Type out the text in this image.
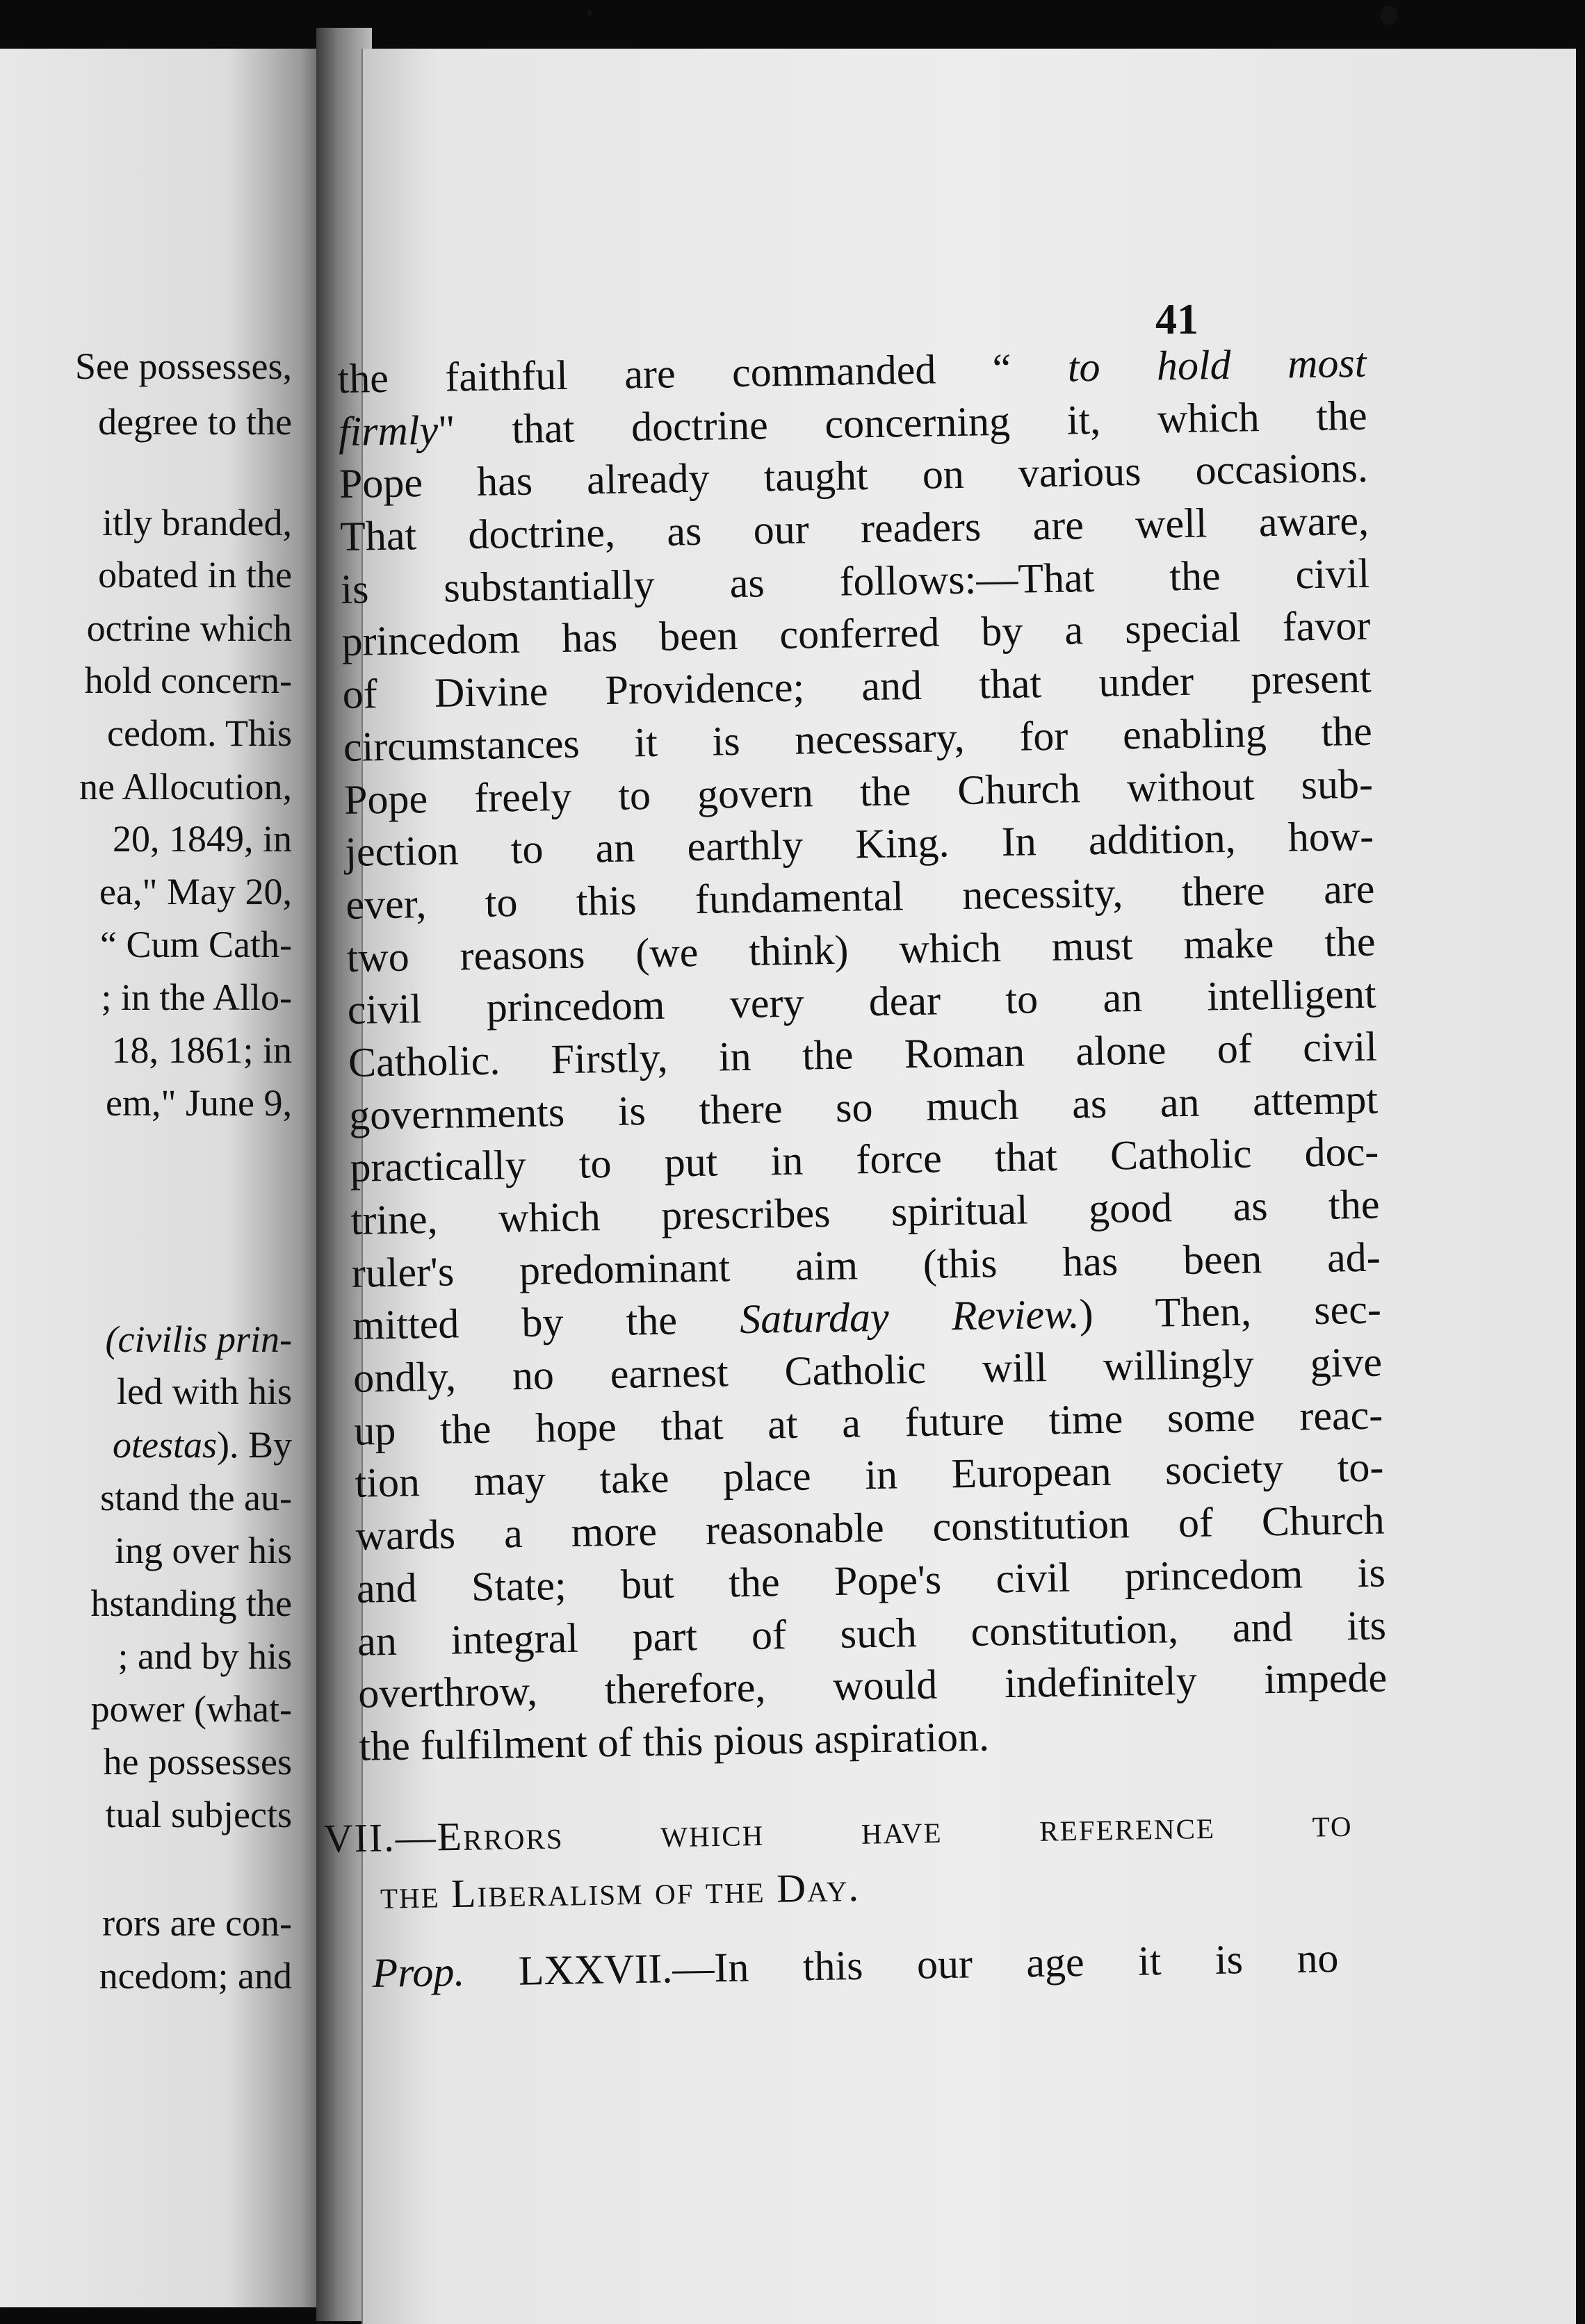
See possesses,
degree to the
itly branded,
obated in the
octrine which
hold concern-
cedom. This
ne Allocution,
20, 1849, in
ea," May 20,
“ Cum Cath-
; in the Allo-
18, 1861; in
em," June 9,
(civilis prin-
led with his
otestas). By
stand the au-
ing over his
hstanding the
; and by his
power (what-
he possesses
tual subjects
rors are con-
ncedom; and
41
the faithful are commanded “ to hold most
firmly" that doctrine concerning it, which the
Pope has already taught on various occasions.
That doctrine, as our readers are well aware,
is substantially as follows:—That the civil
princedom has been conferred by a special favor
of Divine Providence; and that under present
circumstances it is necessary, for enabling the
Pope freely to govern the Church without sub-
jection to an earthly King. In addition, how-
ever, to this fundamental necessity, there are
two reasons (we think) which must make the
civil princedom very dear to an intelligent
Catholic. Firstly, in the Roman alone of civil
governments is there so much as an attempt
practically to put in force that Catholic doc-
trine, which prescribes spiritual good as the
ruler's predominant aim (this has been ad-
mitted by the Saturday Review.) Then, sec-
ondly, no earnest Catholic will willingly give
up the hope that at a future time some reac-
tion may take place in European society to-
wards a more reasonable constitution of Church
and State; but the Pope's civil princedom is
an integral part of such constitution, and its
overthrow, therefore, would indefinitely impede
the fulfilment of this pious aspiration.
VII.—Errors which have reference to
the Liberalism of the Day.
Prop. LXXVII.—In this our age it is no
